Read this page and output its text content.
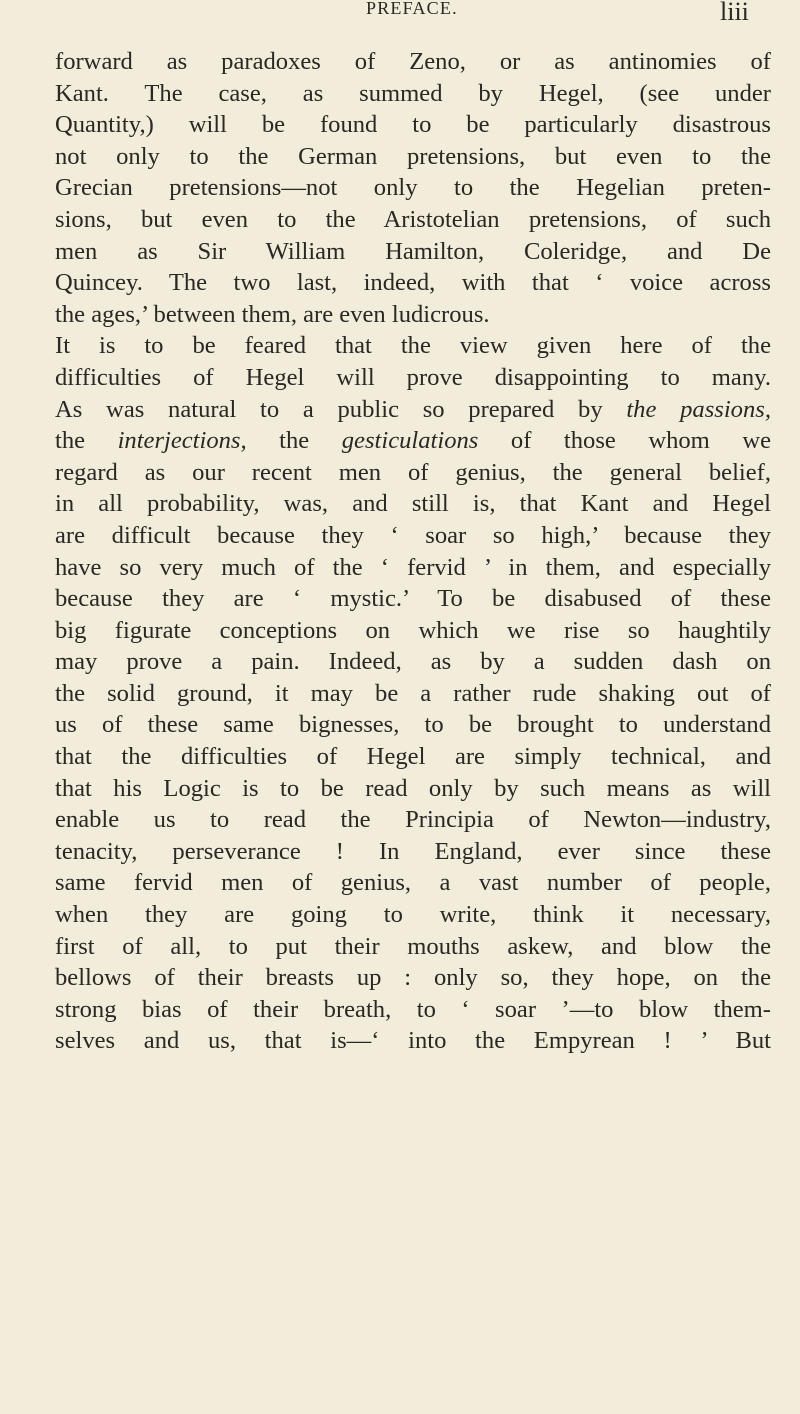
PREFACE.	liii
forward as paradoxes of Zeno, or as antinomies of
Kant. The case, as summed by Hegel, (see under
Quantity,) will be found to be particularly disastrous
not only to the German pretensions, but even to the
Grecian pretensions—not only to the Hegelian preten-
sions, but even to the Aristotelian pretensions, of such
men as Sir William Hamilton, Coleridge, and De
Quincey. The two last, indeed, with that ‘ voice across
the ages,’ between them, are even ludicrous.
It is to be feared that the view given here of the
difficulties of Hegel will prove disappointing to many.
As was natural to a public so prepared by the passions,
the interjections, the gesticulations of those whom we
regard as our recent men of genius, the general belief,
in all probability, was, and still is, that Kant and Hegel
are difficult because they ‘ soar so high,’ because they
have so very much of the ‘ fervid ’ in them, and especially
because they are ‘ mystic.’ To be disabused of these
big figurate conceptions on which we rise so haughtily
may prove a pain. Indeed, as by a sudden dash on
the solid ground, it may be a rather rude shaking out of
us of these same bignesses, to be brought to understand
that the difficulties of Hegel are simply technical, and
that his Logic is to be read only by such means as will
enable us to read the Principia of Newton—industry,
tenacity, perseverance ! In England, ever since these
same fervid men of genius, a vast number of people,
when they are going to write, think it necessary,
first of all, to put their mouths askew, and blow the
bellows of their breasts up : only so, they hope, on the
strong bias of their breath, to ‘ soar ’—to blow them-
selves and us, that is—‘ into the Empyrean ! ’ But
